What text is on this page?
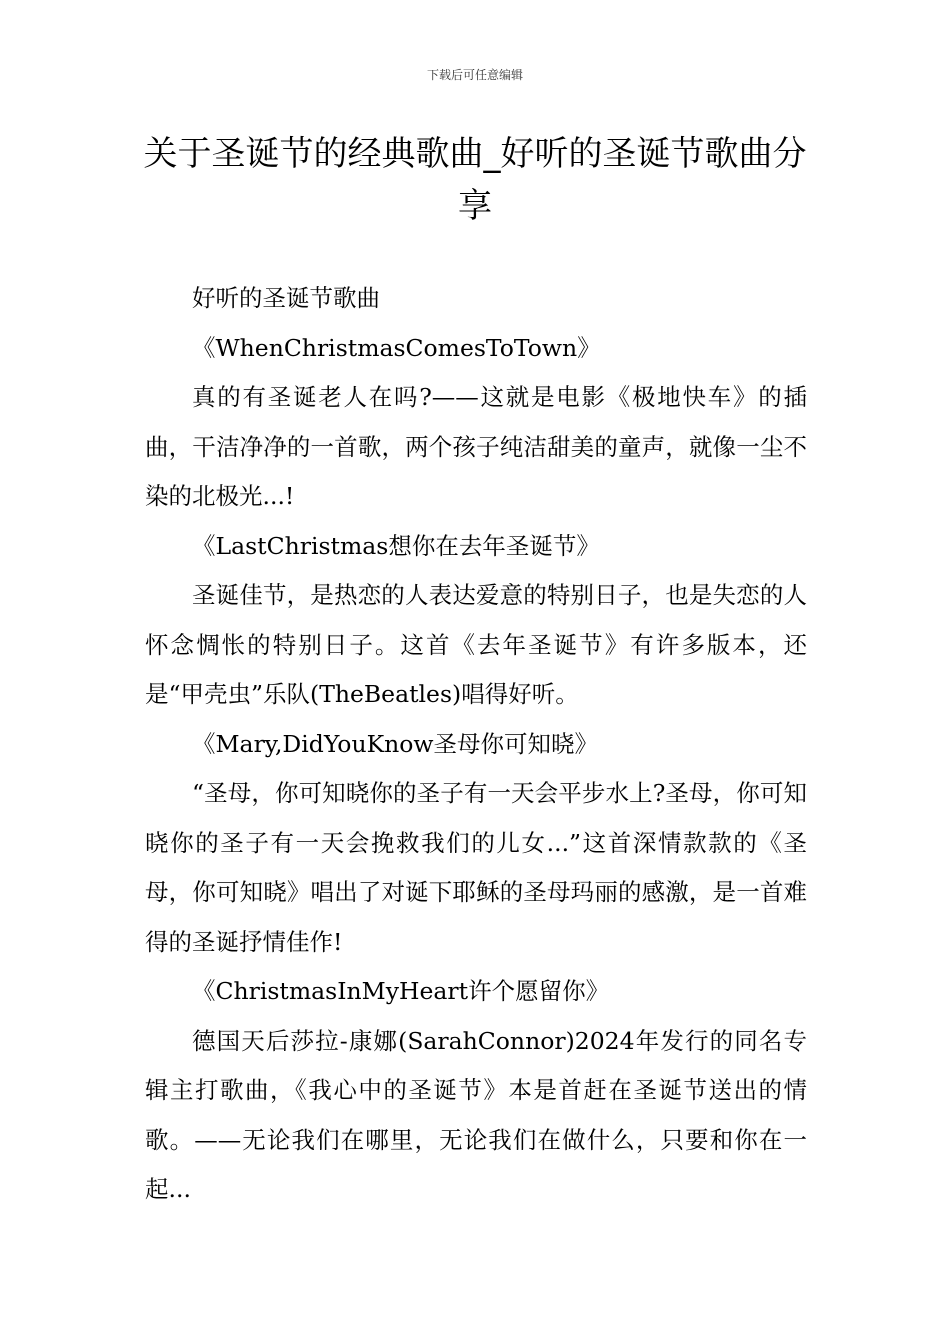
下载后可任意编辑
关于圣诞节的经典歌曲_好听的圣诞节歌曲分享

好听的圣诞节歌曲

《WhenChristmasComesToTown》

真的有圣诞老人在吗?——这就是电影《极地快车》的插曲，干洁净净的一首歌，两个孩子纯洁甜美的童声，就像一尘不染的北极光...!

《LastChristmas想你在去年圣诞节》

圣诞佳节，是热恋的人表达爱意的特别日子，也是失恋的人怀念惆怅的特别日子。这首《去年圣诞节》有许多版本，还是“甲壳虫”乐队(TheBeatles)唱得好听。

《Mary,DidYouKnow圣母你可知晓》

“圣母，你可知晓你的圣子有一天会平步水上?圣母，你可知晓你的圣子有一天会挽救我们的儿女...”这首深情款款的《圣母，你可知晓》唱出了对诞下耶稣的圣母玛丽的感激，是一首难得的圣诞抒情佳作!

《ChristmasInMyHeart许个愿留你》

德国天后莎拉-康娜(SarahConnor)2024年发行的同名专辑主打歌曲，《我心中的圣诞节》本是首赶在圣诞节送出的情歌。——无论我们在哪里，无论我们在做什么，只要和你在一起...
